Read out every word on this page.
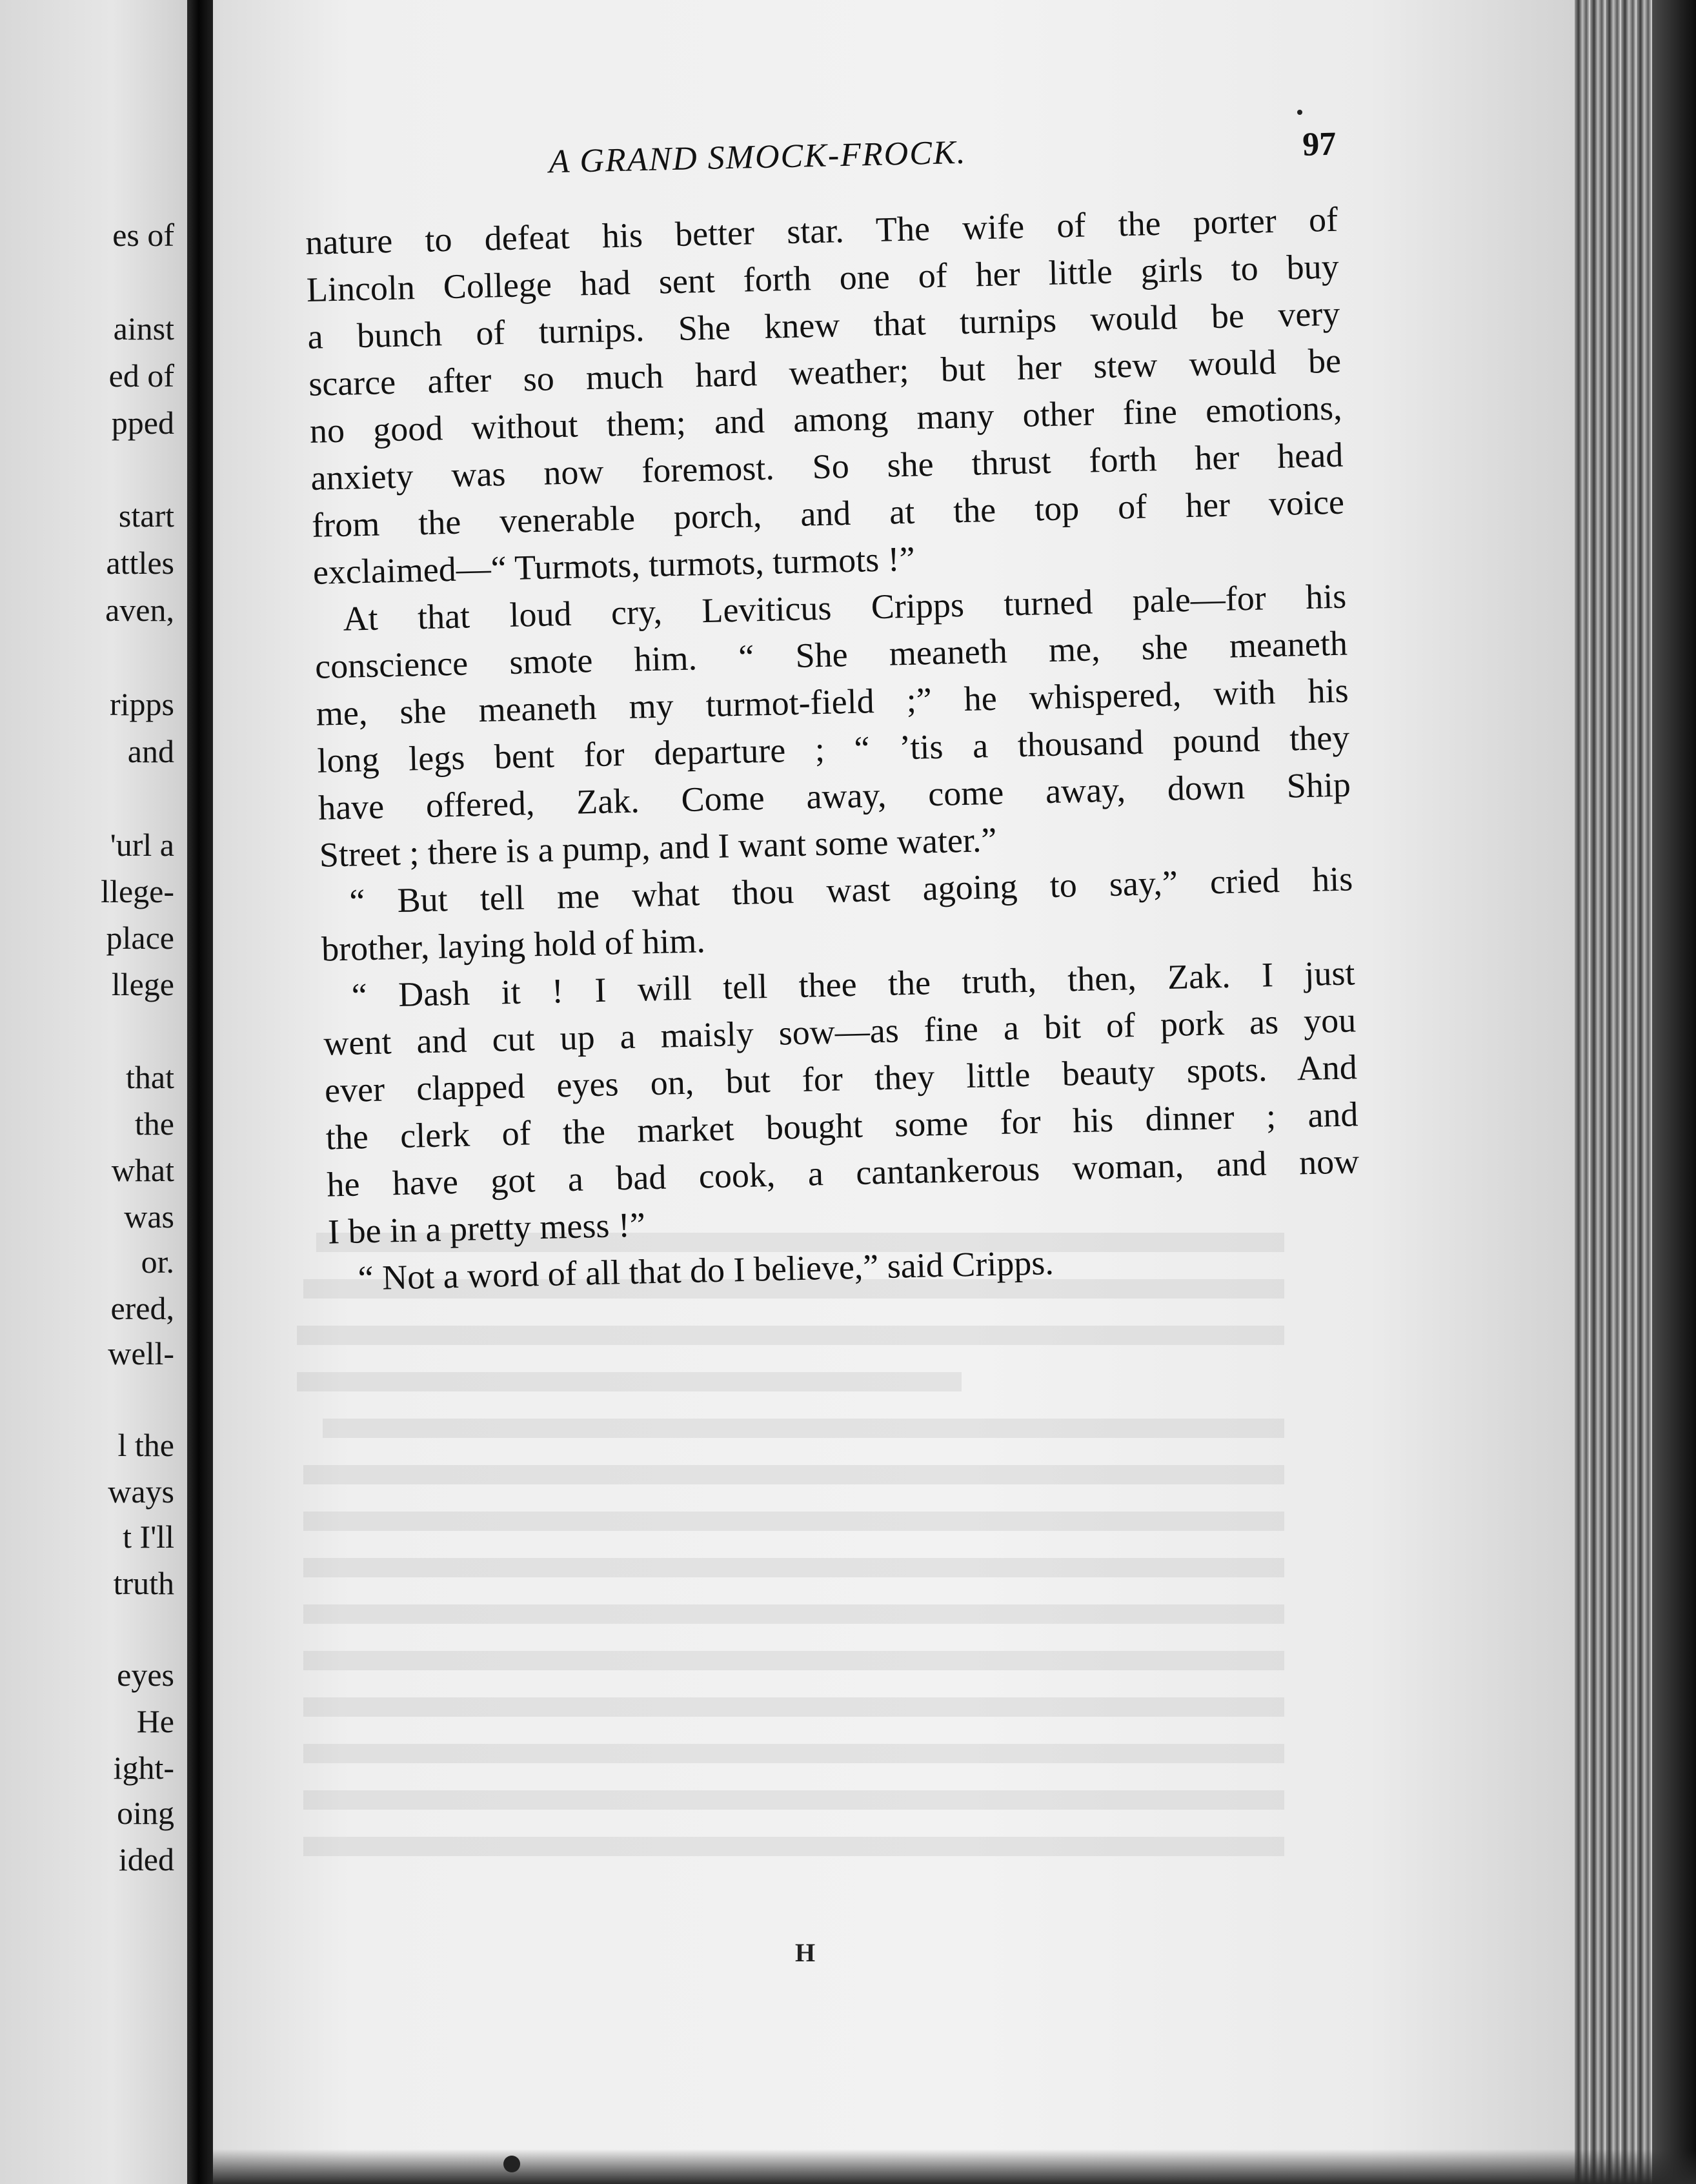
es of
ainst
ed of
pped
start
attles
aven,
ripps
and
'url a
llege-
place
llege
that
the
what
was
or.
ered,
well-
l the
ways
t I'll
truth
eyes
He
ight-
oing
ided
A GRAND SMOCK-FROCK.	97
nature to defeat his better star. The wife of the porter of
Lincoln College had sent forth one of her little girls to buy
a bunch of turnips. She knew that turnips would be very
scarce after so much hard weather; but her stew would be
no good without them; and among many other fine emotions,
anxiety was now foremost. So she thrust forth her head
from the venerable porch, and at the top of her voice
exclaimed—“ Turmots, turmots, turmots !”
At that loud cry, Leviticus Cripps turned pale—for his
conscience smote him. “ She meaneth me, she meaneth
me, she meaneth my turmot-field ;” he whispered, with his
long legs bent for departure ; “ ’tis a thousand pound they
have offered, Zak. Come away, come away, down Ship
Street ; there is a pump, and I want some water.”
“ But tell me what thou wast agoing to say,” cried his
brother, laying hold of him.
“ Dash it ! I will tell thee the truth, then, Zak. I just
went and cut up a maisly sow—as fine a bit of pork as you
ever clapped eyes on, but for they little beauty spots. And
the clerk of the market bought some for his dinner ; and
he have got a bad cook, a cantankerous woman, and now
I be in a pretty mess !”
“ Not a word of all that do I believe,” said Cripps.
H
